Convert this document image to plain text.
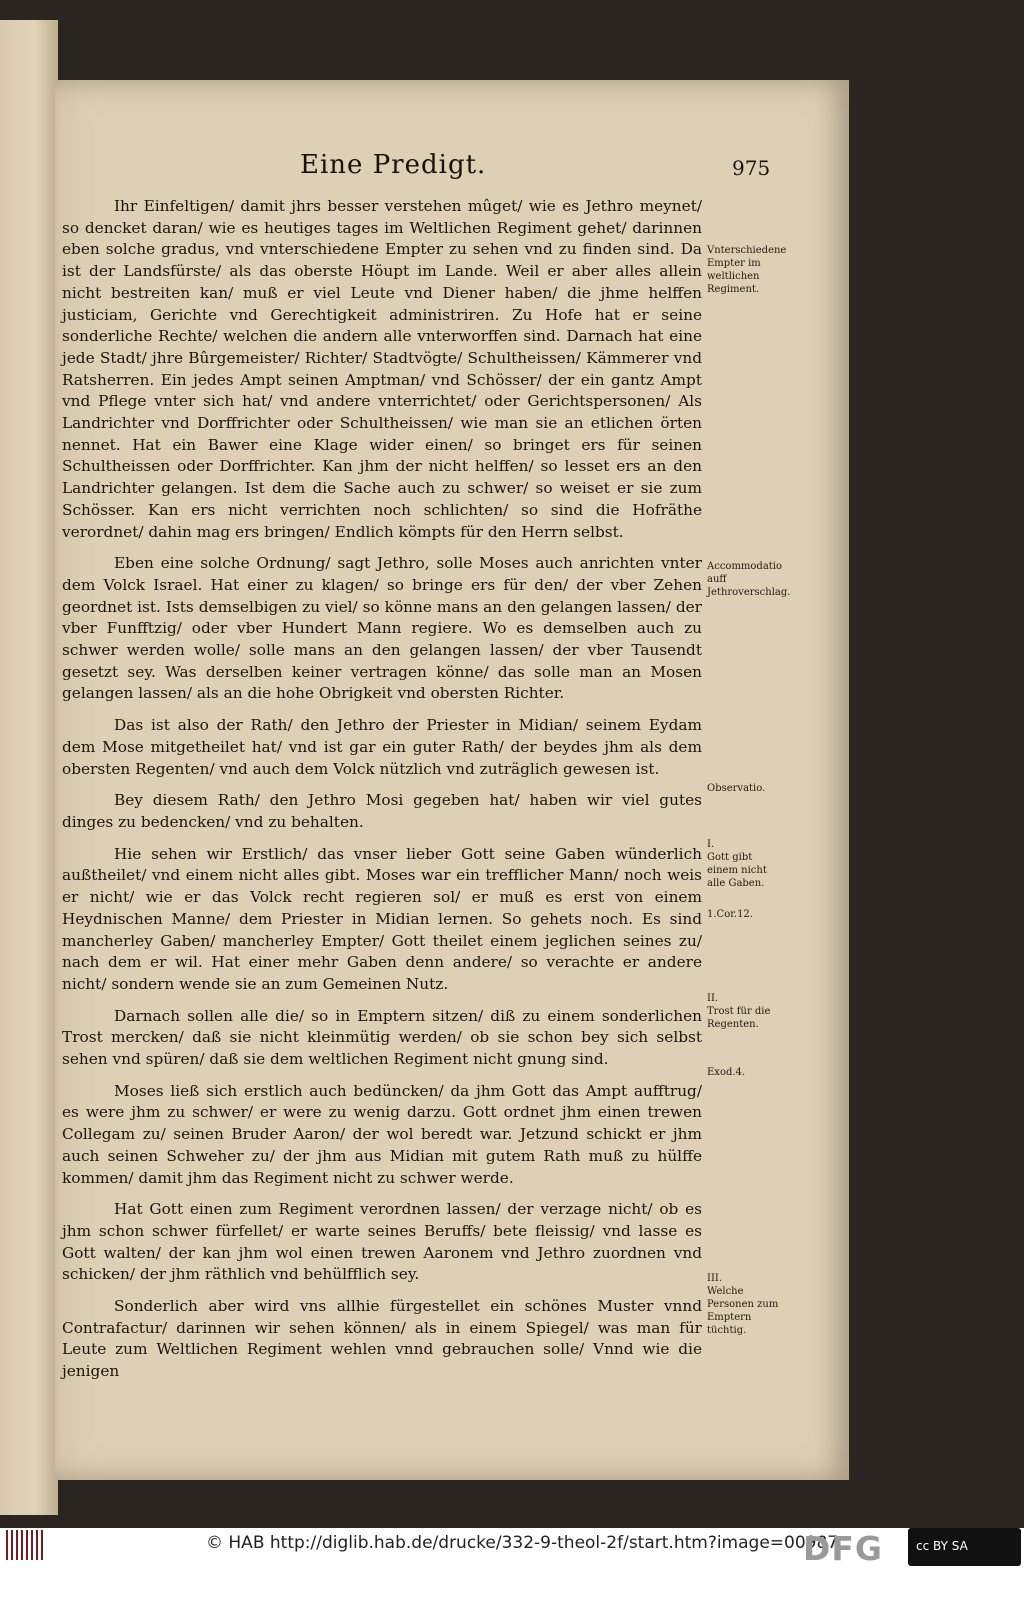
Eine Predigt.	975

Ihr Einfeltigen/ damit jhrs besser verstehen mûget/ wie es Jethro meynet/ so dencket daran/ wie es heutiges tages im Weltlichen Regiment gehet/ darinnen eben solche gradus, vnd vnterschiedene Empter zu sehen vnd zu finden sind. Da ist der Landsfürste/ als das oberste Höupt im Lande. Weil er aber alles allein nicht bestreiten kan/ muß er viel Leute vnd Diener haben/ die jhme helffen justiciam, Gerichte vnd Gerechtigkeit administriren. Zu Hofe hat er seine sonderliche Rechte/ welchen die andern alle vnterworffen sind. Darnach hat eine jede Stadt/ jhre Bûrgemeister/ Richter/ Stadtvögte/ Schultheissen/ Kämmerer vnd Ratsherren. Ein jedes Ampt seinen Amptman/ vnd Schösser/ der ein gantz Ampt vnd Pflege vnter sich hat/ vnd andere vnterrichtet/ oder Gerichtspersonen/ Als Landrichter vnd Dorffrichter oder Schultheissen/ wie man sie an etlichen örten nennet. Hat ein Bawer eine Klage wider einen/ so bringet ers für seinen Schultheissen oder Dorffrichter. Kan jhm der nicht helffen/ so lesset ers an den Landrichter gelangen. Ist dem die Sache auch zu schwer/ so weiset er sie zum Schösser. Kan ers nicht verrichten noch schlichten/ so sind die Hofräthe verordnet/ dahin mag ers bringen/ Endlich kömpts für den Herrn selbst.

Eben eine solche Ordnung/ sagt Jethro, solle Moses auch anrichten vnter dem Volck Israel. Hat einer zu klagen/ so bringe ers für den/ der vber Zehen geordnet ist. Ists demselbigen zu viel/ so könne mans an den gelangen lassen/ der vber Funfftzig/ oder vber Hundert Mann regiere. Wo es demselben auch zu schwer werden wolle/ solle mans an den gelangen lassen/ der vber Tausendt gesetzt sey. Was derselben keiner vertragen könne/ das solle man an Mosen gelangen lassen/ als an die hohe Obrigkeit vnd obersten Richter.

Das ist also der Rath/ den Jethro der Priester in Midian/ seinem Eydam dem Mose mitgetheilet hat/ vnd ist gar ein guter Rath/ der beydes jhm als dem obersten Regenten/ vnd auch dem Volck nützlich vnd zuträglich gewesen ist.

Bey diesem Rath/ den Jethro Mosi gegeben hat/ haben wir viel gutes dinges zu bedencken/ vnd zu behalten.

Hie sehen wir Erstlich/ das vnser lieber Gott seine Gaben wünderlich außtheilet/ vnd einem nicht alles gibt. Moses war ein trefflicher Mann/ noch weis er nicht/ wie er das Volck recht regieren sol/ er muß es erst von einem Heydnischen Manne/ dem Priester in Midian lernen. So gehets noch. Es sind mancherley Gaben/ mancherley Empter/ Gott theilet einem jeglichen seines zu/ nach dem er wil. Hat einer mehr Gaben denn andere/ so verachte er andere nicht/ sondern wende sie an zum Gemeinen Nutz.

Darnach sollen alle die/ so in Emptern sitzen/ diß zu einem sonderlichen Trost mercken/ daß sie nicht kleinmütig werden/ ob sie schon bey sich selbst sehen vnd spüren/ daß sie dem weltlichen Regiment nicht gnung sind.

Moses ließ sich erstlich auch bedüncken/ da jhm Gott das Ampt aufftrug/ es were jhm zu schwer/ er were zu wenig darzu. Gott ordnet jhm einen trewen Collegam zu/ seinen Bruder Aaron/ der wol beredt war. Jetzund schickt er jhm auch seinen Schweher zu/ der jhm aus Midian mit gutem Rath muß zu hülffe kommen/ damit jhm das Regiment nicht zu schwer werde.

Hat Gott einen zum Regiment verordnen lassen/ der verzage nicht/ ob es jhm schon schwer fürfellet/ er warte seines Beruffs/ bete fleissig/ vnd lasse es Gott walten/ der kan jhm wol einen trewen Aaronem vnd Jethro zuordnen vnd schicken/ der jhm räthlich vnd behülfflich sey.

Sonderlich aber wird vns allhie fürgestellet ein schönes Muster vnnd Contrafactur/ darinnen wir sehen können/ als in einem Spiegel/ was man für Leute zum Weltlichen Regiment wehlen vnnd gebrauchen solle/ Vnnd wie die jenigen

Vnterschiedene Empter im weltlichen Regiment.
Accommodatio auff Jethroverschlag.
Observatio.
I.
Gott gibt einem nicht alle Gaben.
1.Cor.12.
II.
Trost für die Regenten.
Exod.4.
III.
Welche Personen zum Emptern tüchtig.
© HAB http://diglib.hab.de/drucke/332-9-theol-2f/start.htm?image=00987
DFG	cc BY SA
